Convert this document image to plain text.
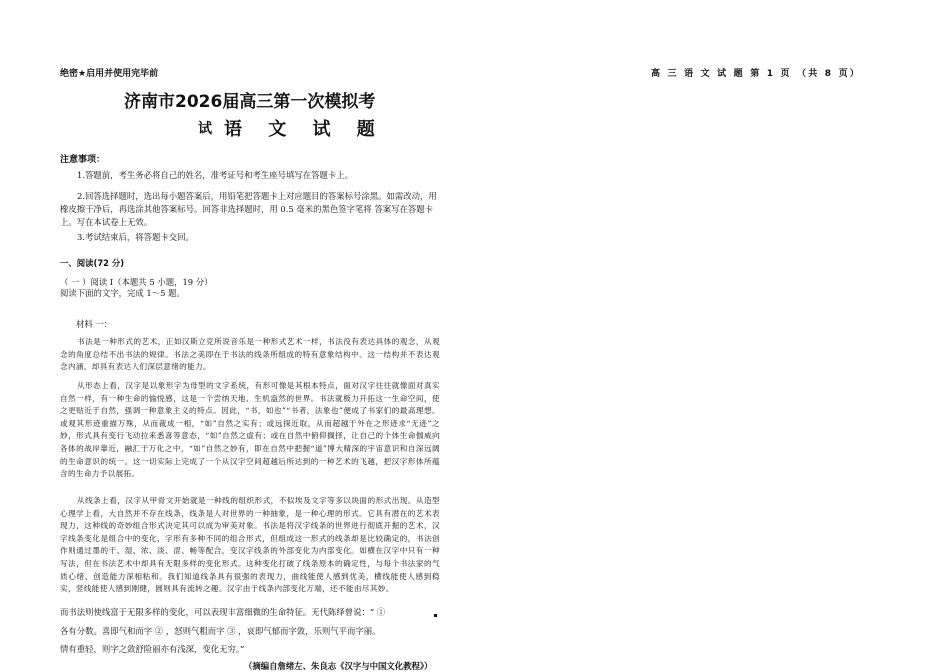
绝密★启用并使用完毕前	高 三 语 文 试 题 第 1 页 （共 8 页）
济南市2026届高三第一次模拟考
试 语 文 试 题
注意事项：
1.答题前，考生务必将自己的姓名，准考证号和考生座号填写在答题卡上。
2.回答选择题时，选出每小题答案后，用铅笔把答题卡上对应题目的答案标号涂黑。如需改动，用橡皮擦干净后，再选涂其他答案标号。回答非选择题时，用 0.5 毫米的黑色签字笔将 答案写在答题卡上。写在本试卷上无效。
3.考试结束后，将答题卡交回。
一、阅读(72 分)
（ 一 ）阅读 I（本题共 5 小题，19 分） 阅读下面的文字，完成 1～5 题。
材料 一：
书法是一种形式的艺术，正如汉斯立克所说音乐是一种形式艺术一样，书法没有表达具体的观念，从观念的角度总结不出书法的规律。书法之美即在于书法的线条所组成的特有意象结构中。这一结构并不表达观念内涵，却具有表达人们深层意绪的能力。
从形态上看，汉字是以象形字为母型的文字系统，有形可像是其根本特点，面对汉字往往就像面对真实自然一样，有一种生命的愉悦感，这是一个尝纳天地、生机盎然的世界。书法就极力开拓这一生命空间，使之更贴近于自然，强调一种意象主义的特点。因此，“书，如也”“书者，法象也”便成了书家们的最高理想。或观其形迹重描万殊，从而裁成一相，“如”自然之实有；或远探近取，从而超越于外在之形迹求“无迹”之妙，形式具有变行飞动拉来悉喜等意态，“如”自然之虚有；或在自然中俯仰搁择，让自己的个体生命伽威向各体的战岸靠近，融汇于万化之中，“如”自然之妙有，即在自然中把握“道”博大精深的宇宙意识和自深远阔的生命意识的统一。这一切实际上完成了一个从汉字空间超越后所达到的一种艺术的飞越，把汉字形体所蕴含的生命力予以展拓。
从线条上看，汉字从甲骨文开始就是一种线的组织形式，不似埃及文字等多以块面的形式出现。从造型心理学上看，大自然并不存在线条，线条是人对世界的一种抽象，是一种心理的形式。它具有潜在的艺术表现力，这种线的奇妙组合形式决定其可以成为审美对象。书法是将汉字线条的世界进行彻底开掘的艺术，汉字线条变化是组合中的变化，字形有多种不同的组合形式，但组成这一形式的线条却是比较确定的，书法创作则通过墨的干、湿、浓、淡、涩、畅等配合，变汉字线条的外部变化为内部变化。如横在汉字中只有一种写法，但在书法艺术中却具有无限多样的变化形式。这种变化打破了线条原本的确定性，与每个书法家的气质心绪、创造能力深相粘和。我们知道线条具有很强的表现力，曲线能使人感到优美，横线能使人感到稳实，竖线能使人感到刚健，圆则具有流转之趣。汉字由于线条内部变化万端，还不能由尽其妙。
而书法则使线富于无限多样的变化，可以表现丰富细微的生命特征。无代陈绎曾说：“ ①
各有分数。喜即气和而字 ② ，怒则气粗而字 ③ ，哀即气郁而字敛，乐则气平而字丽。
情有重轻，则字之敛舒险丽亦有浅深，变化无穷。”
（摘编自詹绪左、朱良志《汉字与中国文化教程》）
